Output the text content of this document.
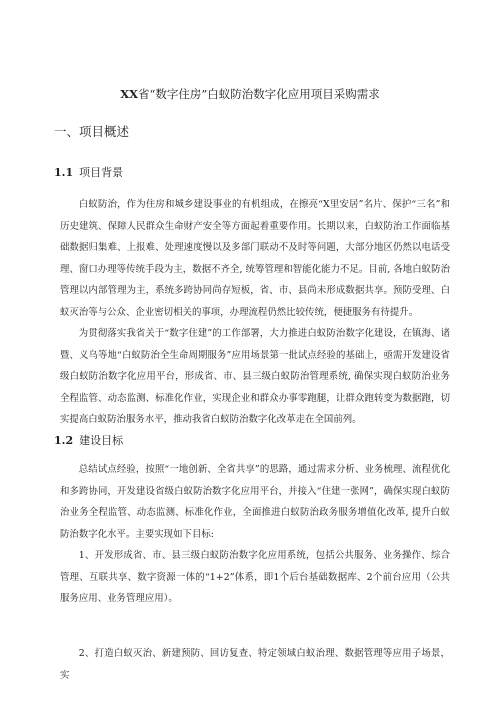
XX省“数字住房”白蚁防治数字化应用项目采购需求
一、项目概述
1.1 项目背景

白蚁防治，作为住房和城乡建设事业的有机组成，在擦亮“X里安居”名片、保护“三名”和历史建筑、保障人民群众生命财产安全等方面起着重要作用。长期以来，白蚁防治工作面临基础数据归集难、上报难、处理速度慢以及多部门联动不及时等问题，大部分地区仍然以电话受理、窗口办理等传统手段为主，数据不齐全, 统筹管理和智能化能力不足。目前, 各地白蚁防治管理以内部管理为主，系统多跨协同尚存短板，省、市、县尚未形成数据共享。预防受理、白蚁灭治等与公众、企业密切相关的事项，办理流程仍然比较传统，便捷服务有待提升。

为贯彻落实我省关于“数字住建”的工作部署，大力推进白蚁防治数字化建设，在镇海、诸暨、义乌等地“白蚁防治全生命周期服务”应用场景第一批试点经验的基础上，亟需开发建设省级白蚁防治数字化应用平台，形成省、市、县三级白蚁防治管理系统, 确保实现白蚁防治业务全程监管、动态监测、标准化作业，实现企业和群众办事零跑腿，让群众跑转变为数据跑，切实提高白蚁防治服务水平，推动我省白蚁防治数字化改革走在全国前列。

1.2 建设目标

总结试点经验，按照“一地创新、全省共享”的思路，通过需求分析、业务梳理、流程优化和多跨协同，开发建设省级白蚁防治数字化应用平台，并接入“住建一张网”，确保实现白蚁防治业务全程监管、动态监测、标准化作业，全面推进白蚁防治政务服务增值化改革, 提升白蚁防治数字化水平。主要实现如下目标:

1、开发形成省、市、县三级白蚁防治数字化应用系统，包括公共服务、业务操作、综合管理、互联共享、数字资源一体的“1+2”体系，即1个后台基础数据库、2个前台应用（公共服务应用、业务管理应用）。

2、打造白蚁灭治、新建预防、回访复查、特定领域白蚁治理、数据管理等应用子场景，实
